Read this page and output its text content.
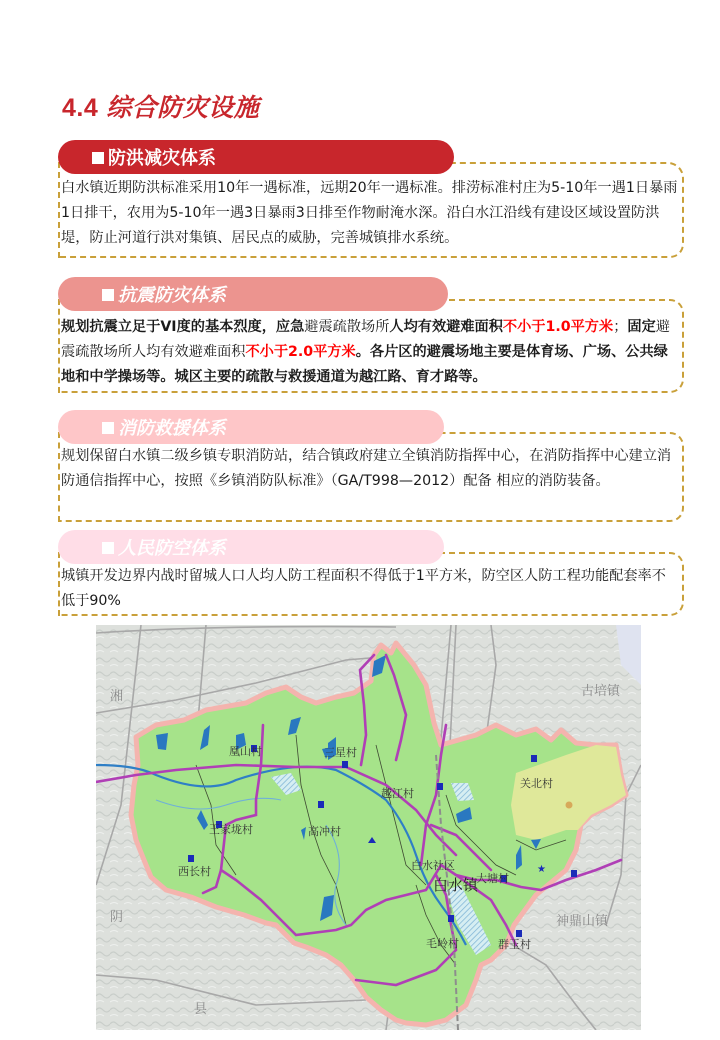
4.4 综合防灾设施
防洪减灾体系
白水镇近期防洪标准采用10年一遇标准，远期20年一遇标准。排涝标准村庄为5-10年一遇1日暴雨1日排干，农用为5-10年一遇3日暴雨3日排至作物耐淹水深。沿白水江沿线有建设区域设置防洪堤，防止河道行洪对集镇、居民点的威胁，完善城镇排水系统。
抗震防灾体系
规划抗震立足于VI度的基本烈度，应急避震疏散场所人均有效避难面积不小于1.0平方米；固定避震疏散场所人均有效避难面积不小于2.0平方米。各片区的避震场地主要是体育场、广场、公共绿地和中学操场等。城区主要的疏散与救援通道为越江路、育才路等。
消防救援体系
规划保留白水镇二级乡镇专职消防站，结合镇政府建立全镇消防指挥中心，在消防指挥中心建立消防通信指挥中心，按照《乡镇消防队标准》（GA/T998—2012）配备 相应的消防装备。
人民防空体系
城镇开发边界内战时留城人口人均人防工程面积不得低于1平方米，防空区人防工程功能配套率不低于90%
★
湘
阴
县
古培镇
神鼎山镇
凰山村	三星村
越江村
关北村
王家垅村	高冲村
西长村	白水社区
大塘村
毛岭村	群玉村
白水镇
